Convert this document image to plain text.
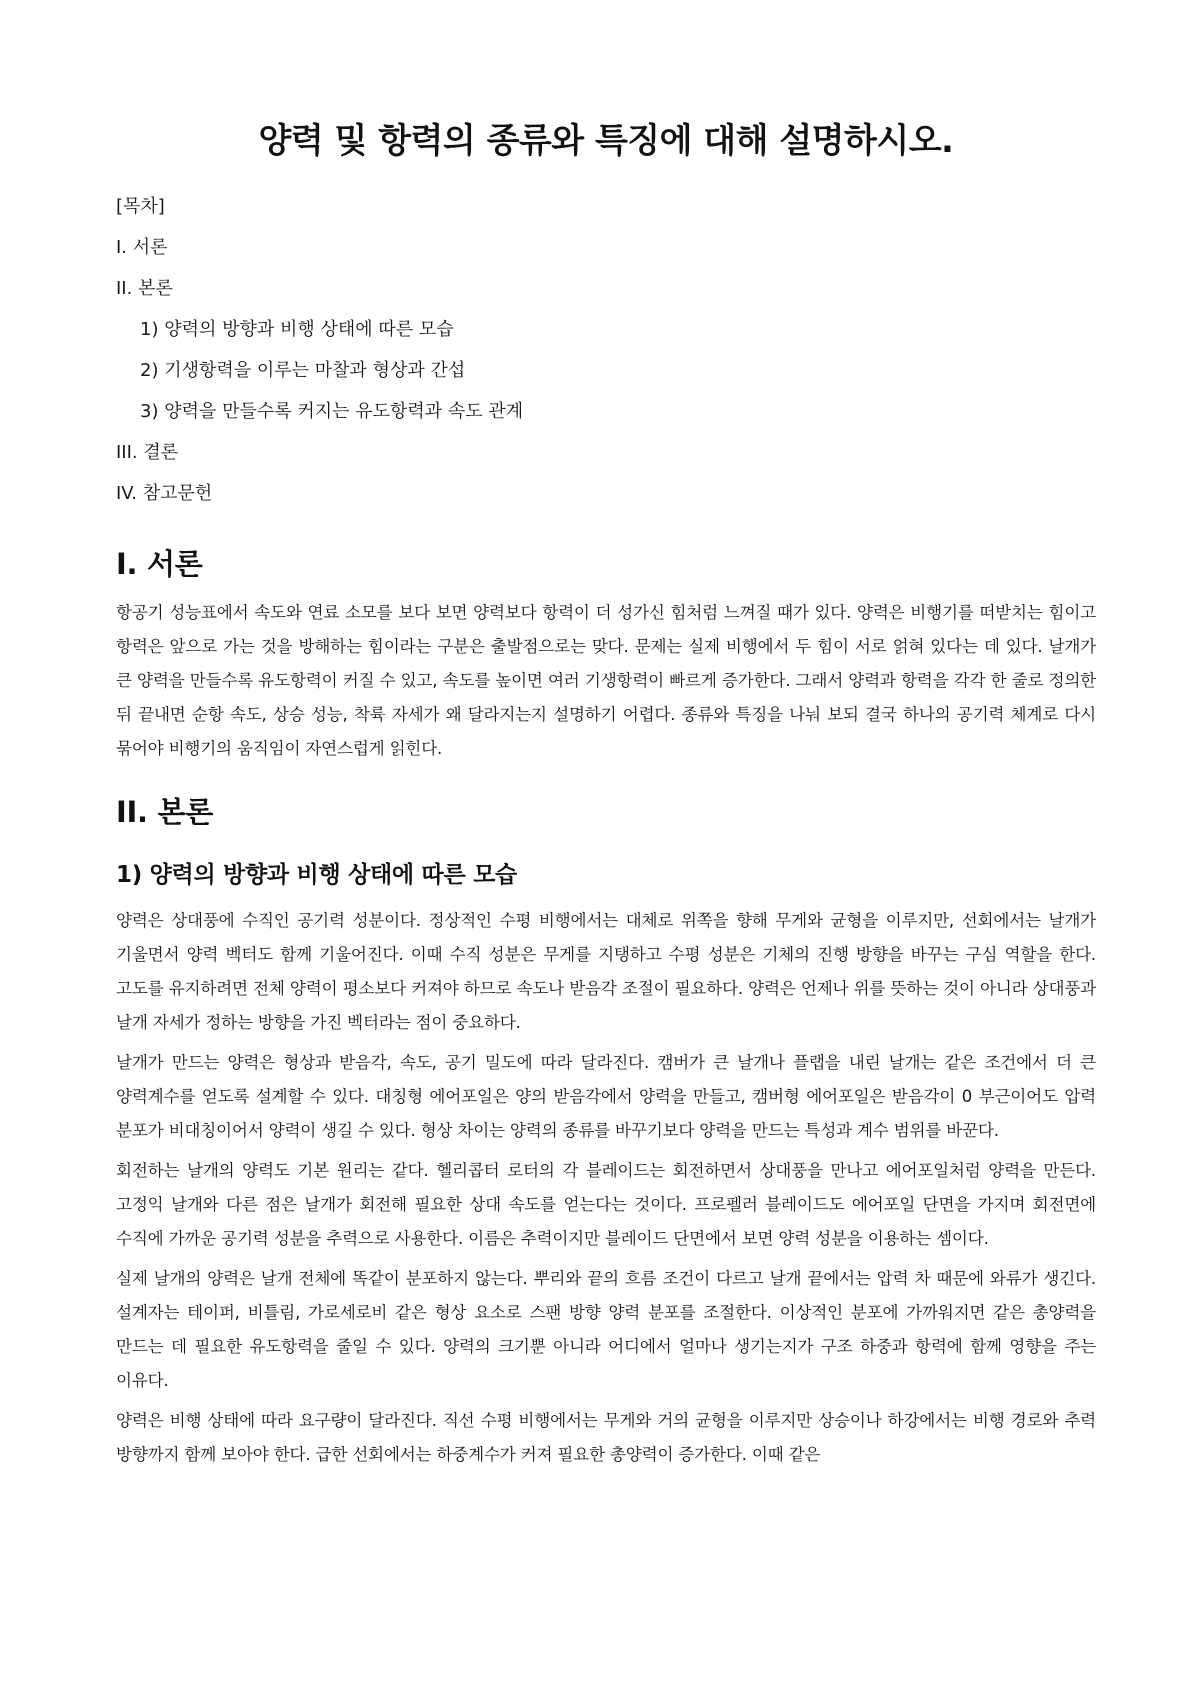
양력 및 항력의 종류와 특징에 대해 설명하시오.
[목차]
I. 서론
II. 본론
1) 양력의 방향과 비행 상태에 따른 모습
2) 기생항력을 이루는 마찰과 형상과 간섭
3) 양력을 만들수록 커지는 유도항력과 속도 관계
III. 결론
IV. 참고문헌
I. 서론

항공기 성능표에서 속도와 연료 소모를 보다 보면 양력보다 항력이 더 성가신 힘처럼 느껴질 때가 있다. 양력은 비행기를 떠받치는 힘이고 항력은 앞으로 가는 것을 방해하는 힘이라는 구분은 출발점으로는 맞다. 문제는 실제 비행에서 두 힘이 서로 얽혀 있다는 데 있다. 날개가 큰 양력을 만들수록 유도항력이 커질 수 있고, 속도를 높이면 여러 기생항력이 빠르게 증가한다. 그래서 양력과 항력을 각각 한 줄로 정의한 뒤 끝내면 순항 속도, 상승 성능, 착륙 자세가 왜 달라지는지 설명하기 어렵다. 종류와 특징을 나눠 보되 결국 하나의 공기력 체계로 다시 묶어야 비행기의 움직임이 자연스럽게 읽힌다.

II. 본론
1) 양력의 방향과 비행 상태에 따른 모습

양력은 상대풍에 수직인 공기력 성분이다. 정상적인 수평 비행에서는 대체로 위쪽을 향해 무게와 균형을 이루지만, 선회에서는 날개가 기울면서 양력 벡터도 함께 기울어진다. 이때 수직 성분은 무게를 지탱하고 수평 성분은 기체의 진행 방향을 바꾸는 구심 역할을 한다. 고도를 유지하려면 전체 양력이 평소보다 커져야 하므로 속도나 받음각 조절이 필요하다. 양력은 언제나 위를 뜻하는 것이 아니라 상대풍과 날개 자세가 정하는 방향을 가진 벡터라는 점이 중요하다.

날개가 만드는 양력은 형상과 받음각, 속도, 공기 밀도에 따라 달라진다. 캠버가 큰 날개나 플랩을 내린 날개는 같은 조건에서 더 큰 양력계수를 얻도록 설계할 수 있다. 대칭형 에어포일은 양의 받음각에서 양력을 만들고, 캠버형 에어포일은 받음각이 0 부근이어도 압력 분포가 비대칭이어서 양력이 생길 수 있다. 형상 차이는 양력의 종류를 바꾸기보다 양력을 만드는 특성과 계수 범위를 바꾼다.

회전하는 날개의 양력도 기본 원리는 같다. 헬리콥터 로터의 각 블레이드는 회전하면서 상대풍을 만나고 에어포일처럼 양력을 만든다. 고정익 날개와 다른 점은 날개가 회전해 필요한 상대 속도를 얻는다는 것이다. 프로펠러 블레이드도 에어포일 단면을 가지며 회전면에 수직에 가까운 공기력 성분을 추력으로 사용한다. 이름은 추력이지만 블레이드 단면에서 보면 양력 성분을 이용하는 셈이다.

실제 날개의 양력은 날개 전체에 똑같이 분포하지 않는다. 뿌리와 끝의 흐름 조건이 다르고 날개 끝에서는 압력 차 때문에 와류가 생긴다. 설계자는 테이퍼, 비틀림, 가로세로비 같은 형상 요소로 스팬 방향 양력 분포를 조절한다. 이상적인 분포에 가까워지면 같은 총양력을 만드는 데 필요한 유도항력을 줄일 수 있다. 양력의 크기뿐 아니라 어디에서 얼마나 생기는지가 구조 하중과 항력에 함께 영향을 주는 이유다.

양력은 비행 상태에 따라 요구량이 달라진다. 직선 수평 비행에서는 무게와 거의 균형을 이루지만 상승이나 하강에서는 비행 경로와 추력 방향까지 함께 보아야 한다. 급한 선회에서는 하중계수가 커져 필요한 총양력이 증가한다. 이때 같은
